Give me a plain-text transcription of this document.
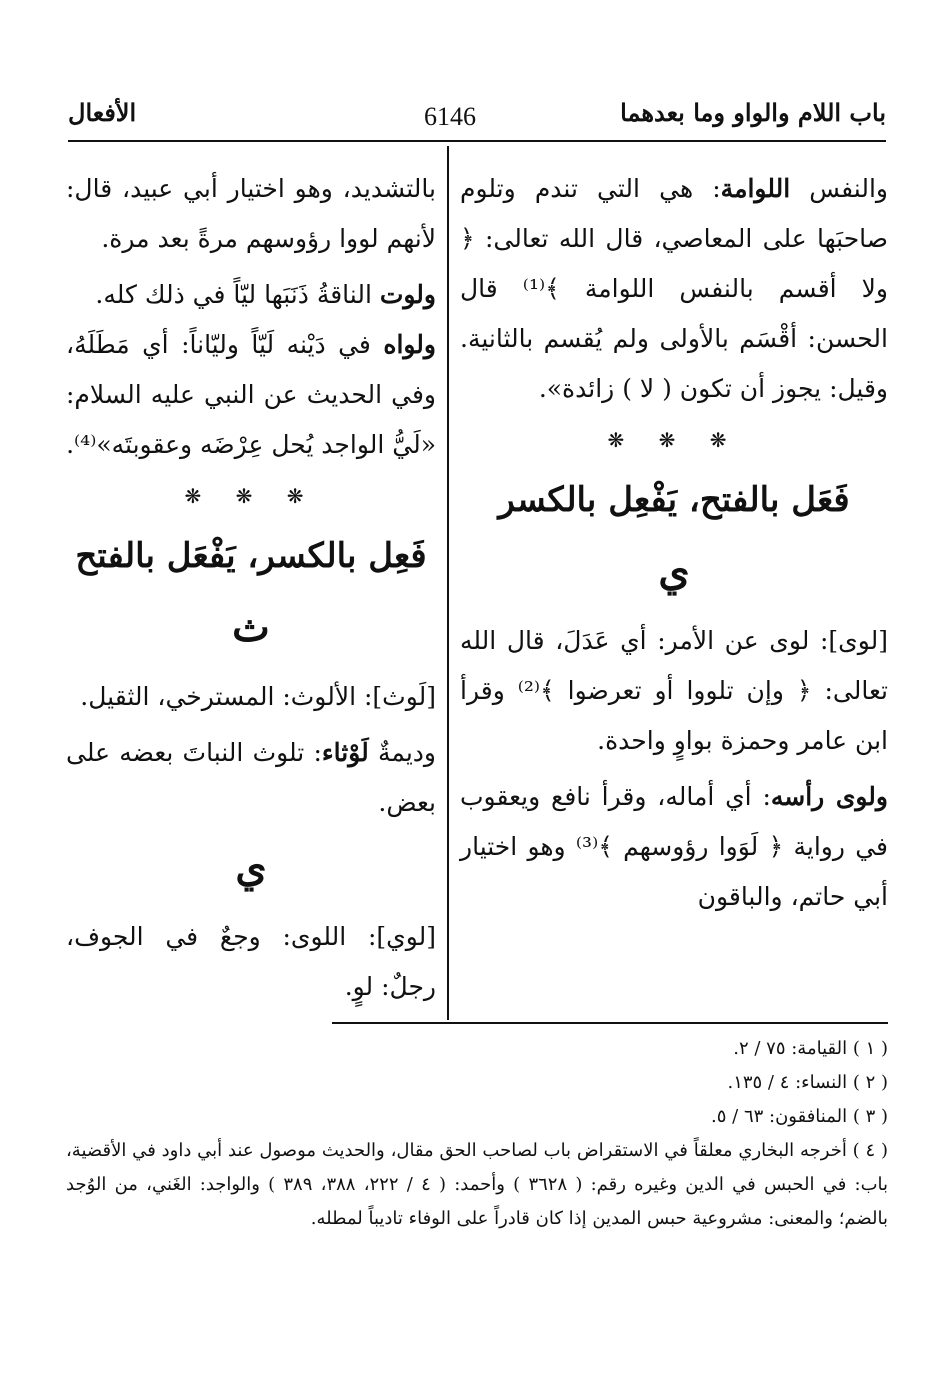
باب اللام والواو وما بعدهما
6146
الأفعال

والنفس اللوامة: هي التي تندم وتلوم صاحبَها على المعاصي، قال الله تعالى: ﴿ ولا أقسم بالنفس اللوامة ﴾⁽¹⁾ قال الحسن: أقْسَم بالأولى ولم يُقسم بالثانية. وقيل: يجوز أن تكون ( لا ) زائدة».

❋ ❋ ❋
فَعَل بالفتح، يَفْعِل بالكسر
ي

[لوى]: لوى عن الأمر: أي عَدَلَ، قال الله تعالى: ﴿ وإن تلووا أو تعرضوا ﴾⁽²⁾ وقرأ ابن عامر وحمزة بواوٍ واحدة.

ولوى رأسه: أي أماله، وقرأ نافع ويعقوب في رواية ﴿ لَوَوا رؤوسهم ﴾⁽³⁾ وهو اختيار أبي حاتم، والباقون

بالتشديد، وهو اختيار أبي عبيد، قال: لأنهم لووا رؤوسهم مرةً بعد مرة.

ولوت الناقةُ ذَنَبَها ليّاً في ذلك كله.

ولواه في دَيْنه لَيّاً وليّاناً: أي مَطَلَهُ، وفي الحديث عن النبي عليه السلام: «لَيُّ الواجد يُحل عِرْضَه وعقوبتَه»⁽⁴⁾.

❋ ❋ ❋
فَعِل بالكسر، يَفْعَل بالفتح
ث

[لَوث]: الألوث: المسترخي، الثقيل.

وديمةٌ لَوْثاء: تلوث النباتَ بعضه على بعض.

ي

[لوي]: اللوى: وجعٌ في الجوف، رجلٌ: لوٍ.

( ١ ) القيامة: ٧٥ / ٢.

( ٢ ) النساء: ٤ / ١٣٥.

( ٣ ) المنافقون: ٦٣ / ٥.

( ٤ ) أخرجه البخاري معلقاً في الاستقراض باب لصاحب الحق مقال، والحديث موصول عند أبي داود في الأقضية، باب: في الحبس في الدين وغيره رقم: ( ٣٦٢٨ ) وأحمد: ( ٤ / ٢٢٢، ٣٨٨، ٣٨٩ ) والواجد: الغَني، من الوُجد بالضم؛ والمعنى: مشروعية حبس المدين إذا كان قادراً على الوفاء تاديباً لمطله.
